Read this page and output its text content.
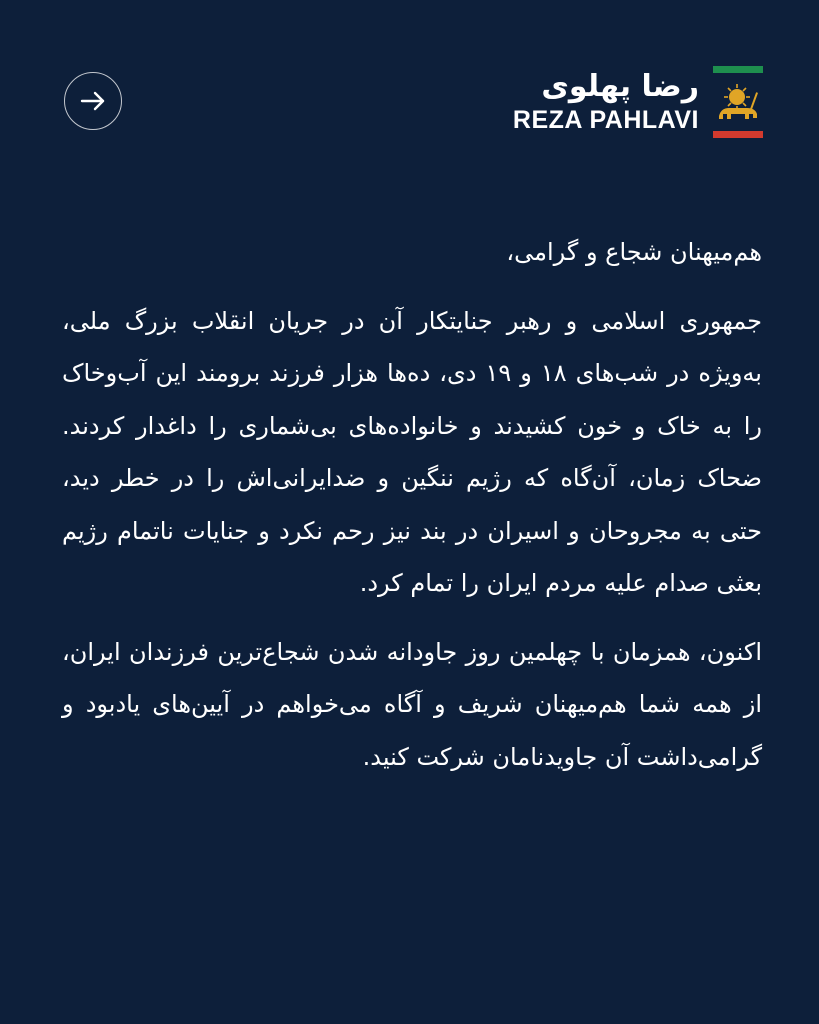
رضا پهلوی
REZA PAHLAVI

هم‌میهنان شجاع و گرامی،

جمهوری اسلامی و رهبر جنایتکار آن در جریان انقلاب بزرگ ملی، به‌ویژه در شب‌های ۱۸ و ۱۹ دی، ده‌ها هزار فرزند برومند این آب‌وخاک را به خاک و خون کشیدند و خانواده‌های بی‌شماری را داغدار کردند. ضحاک زمان، آن‌گاه که رژیم ننگین و ضدایرانی‌اش را در خطر دید، حتی به مجروحان و اسیران در بند نیز رحم نکرد و جنایات ناتمام رژیم بعثی صدام علیه مردم ایران را تمام کرد.

اکنون، همزمان با چهلمین روز جاودانه شدن شجاع‌ترین فرزندان ایران، از همه شما هم‌میهنان شریف و آگاه می‌خواهم در آیین‌های یادبود و گرامی‌داشت آن جاویدنامان شرکت کنید.
